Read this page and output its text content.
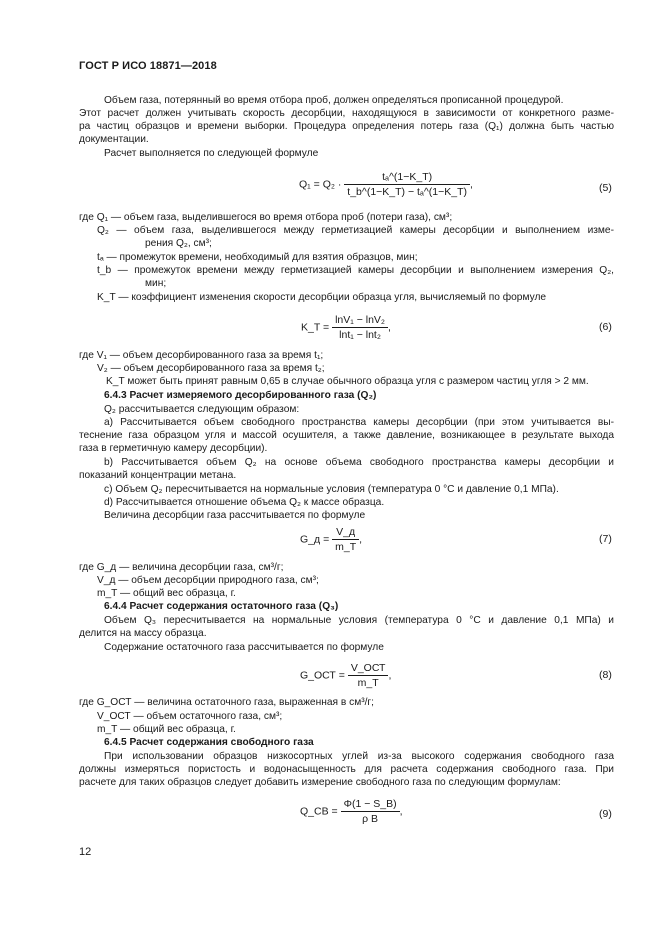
ГОСТ Р ИСО 18871—2018
Объем газа, потерянный во время отбора проб, должен определяться прописанной процедурой.
Этот расчет должен учитывать скорость десорбции, находящуюся в зависимости от конкретного разме-
ра частиц образцов и времени выборки. Процедура определения потерь газа (Q₁) должна быть частью
документации.
Расчет выполняется по следующей формуле
$Q_1 = Q_2 \cdot \frac{\text{tₐ\textasciicircum{}(1−K\_T)}}{\text{t\_b\textasciicircum{}(1−K\_T) − tₐ\textasciicircum{}(1−K\_T)}}$ ,	(5)
где Q₁ — объем газа, выделившегося во время отбора проб (потери газа), см³;
Q₂ — объем газа, выделившегося между герметизацией камеры десорбции и выполнением изме-
рения Q₂, см³;
tₐ — промежуток времени, необходимый для взятия образцов, мин;
t_b — промежуток времени между герметизацией камеры десорбции и выполнением измерения Q₂,
мин;
K_T — коэффициент изменения скорости десорбции образца угля, вычисляемый по формуле
K_T = $\frac{\text{lnV₁ − lnV₂}}{\text{lnt₁ − lnt₂}}$ ,	(6)
где V₁ — объем десорбированного газа за время t₁;
V₂ — объем десорбированного газа за время t₂;
K_T может быть принят равным 0,65 в случае обычного образца угля с размером частиц угля > 2 мм.
6.4.3 Расчет измеряемого десорбированного газа (Q₂)
Q₂ рассчитывается следующим образом:
a) Рассчитывается объем свободного пространства камеры десорбции (при этом учитывается вы-
теснение газа образцом угля и массой осушителя, а также давление, возникающее в результате выхода
газа в герметичную камеру десорбции).
b) Рассчитывается объем Q₂ на основе объема свободного пространства камеры десорбции и
показаний концентрации метана.
c) Объем Q₂ пересчитывается на нормальные условия (температура 0 °С и давление 0,1 МПа).
d) Рассчитывается отношение объема Q₂ к массе образца.
Величина десорбции газа рассчитывается по формуле
G_д = $\frac{V\_д}{m\_T}$ ,	(7)
где G_д — величина десорбции газа, см³/г;
V_д — объем десорбции природного газа, см³;
m_T — общий вес образца, г.
6.4.4 Расчет содержания остаточного газа (Q₃)
Объем Q₃ пересчитывается на нормальные условия (температура 0 °С и давление 0,1 МПа) и
делится на массу образца.
Содержание остаточного газа рассчитывается по формуле
G_ОСТ = $\frac{\text{V\_ОСТ}}{m\_T}$ ,	(8)
где G_ОСТ — величина остаточного газа, выраженная в см³/г;
V_ОСТ — объем остаточного газа, см³;
m_T — общий вес образца, г.
6.4.5 Расчет содержания свободного газа
При использовании образцов низкосортных углей из-за высокого содержания свободного газа
должны измеряться пористость и водонасыщенность для расчета содержания свободного газа. При
расчете для таких образцов следует добавить измерение свободного газа по следующим формулам:
Q_СВ = $\frac{\Phi(1 - S\_B)}{\text{ρ B}}$ ,	(9)
12
